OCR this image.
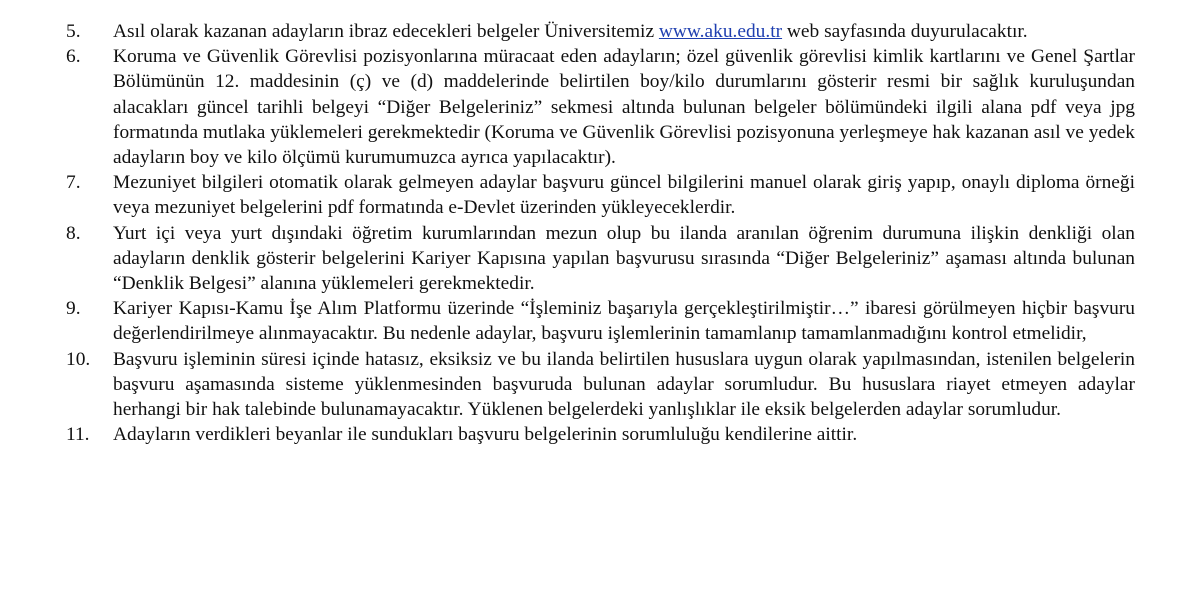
5.	Asıl olarak kazanan adayların ibraz edecekleri belgeler Üniversitemiz www.aku.edu.tr web sayfasında duyurulacaktır.
6.	Koruma ve Güvenlik Görevlisi pozisyonlarına müracaat eden adayların; özel güvenlik görevlisi kimlik kartlarını ve Genel Şartlar Bölümünün 12. maddesinin (ç) ve (d) maddelerinde belirtilen boy/kilo durumlarını gösterir resmi bir sağlık kuruluşundan alacakları güncel tarihli belgeyi “Diğer Belgeleriniz” sekmesi altında bulunan belgeler bölümündeki ilgili alana pdf veya jpg formatında mutlaka yüklemeleri gerekmektedir (Koruma ve Güvenlik Görevlisi pozisyonuna yerleşmeye hak kazanan asıl ve yedek adayların boy ve kilo ölçümü kurumumuzca ayrıca yapılacaktır).
7.	Mezuniyet bilgileri otomatik olarak gelmeyen adaylar başvuru güncel bilgilerini manuel olarak giriş yapıp, onaylı diploma örneği veya mezuniyet belgelerini pdf formatında e-Devlet üzerinden yükleyeceklerdir.
8.	Yurt içi veya yurt dışındaki öğretim kurumlarından mezun olup bu ilanda aranılan öğrenim durumuna ilişkin denkliği olan adayların denklik gösterir belgelerini Kariyer Kapısına yapılan başvurusu sırasında “Diğer Belgeleriniz” aşaması altında bulunan “Denklik Belgesi” alanına yüklemeleri gerekmektedir.
9.	Kariyer Kapısı-Kamu İşe Alım Platformu üzerinde “İşleminiz başarıyla gerçekleştirilmiştir…” ibaresi görülmeyen hiçbir başvuru değerlendirilmeye alınmayacaktır. Bu nedenle adaylar, başvuru işlemlerinin tamamlanıp tamamlanmadığını kontrol etmelidir,
10.	Başvuru işleminin süresi içinde hatasız, eksiksiz ve bu ilanda belirtilen hususlara uygun olarak yapılmasından, istenilen belgelerin başvuru aşamasında sisteme yüklenmesinden başvuruda bulunan adaylar sorumludur. Bu hususlara riayet etmeyen adaylar herhangi bir hak talebinde bulunamayacaktır. Yüklenen belgelerdeki yanlışlıklar ile eksik belgelerden adaylar sorumludur.
11.	Adayların verdikleri beyanlar ile sundukları başvuru belgelerinin sorumluluğu kendilerine aittir.
